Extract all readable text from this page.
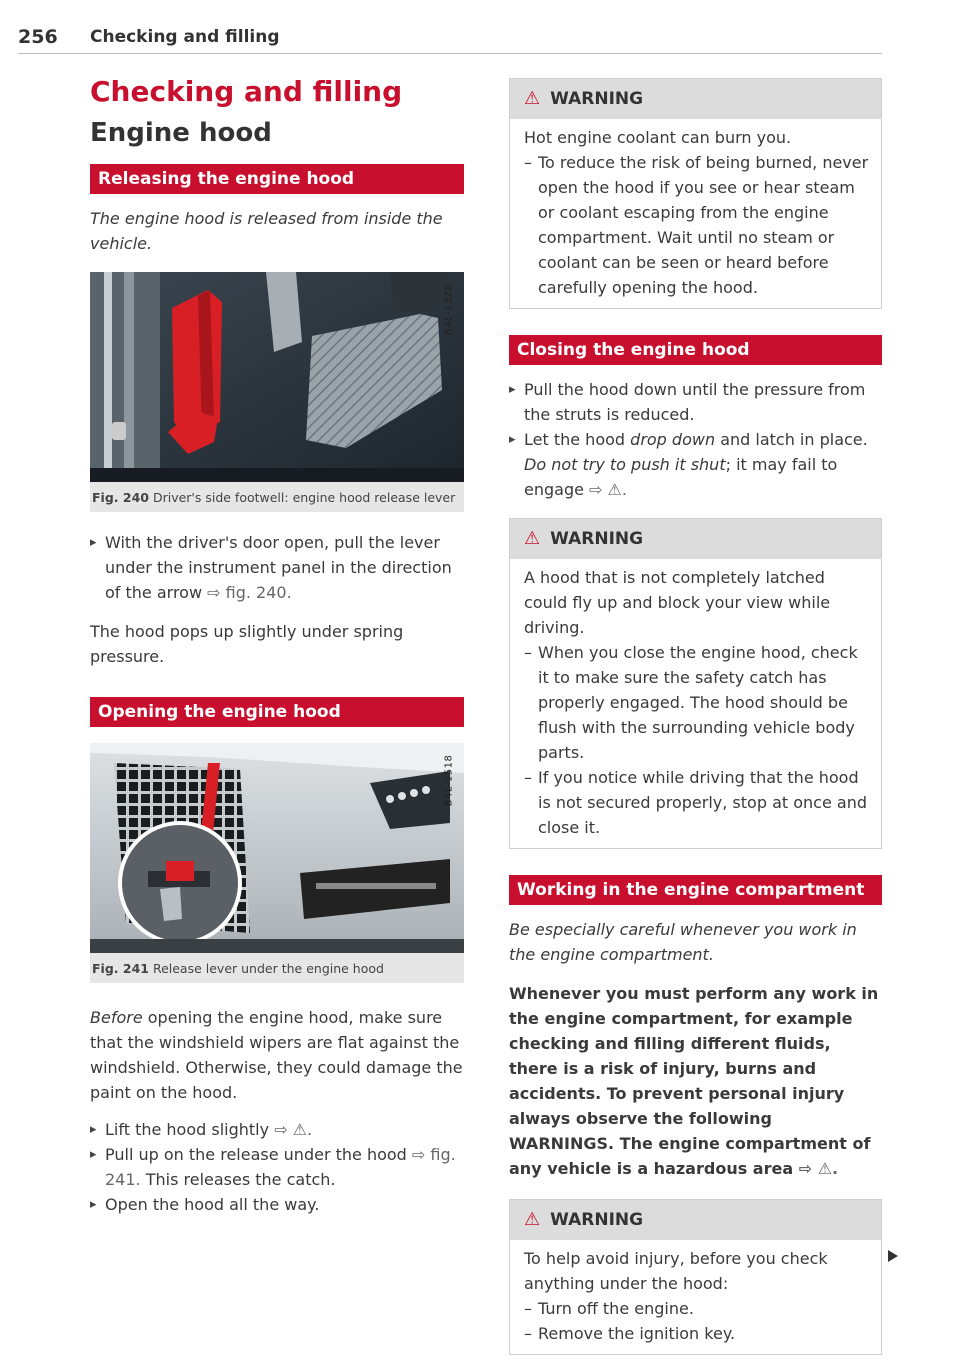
256 Checking and filling
Checking and filling
Engine hood
Releasing the engine hood

The engine hood is released from inside the vehicle.

B4L-1320
Fig. 240 Driver's side footwell: engine hood release lever

▸ With the driver's door open, pull the lever under the instrument panel in the direction of the arrow ⇨ fig. 240.

The hood pops up slightly under spring pressure.

Opening the engine hood
B4L-1518
Fig. 241 Release lever under the engine hood

Before opening the engine hood, make sure that the windshield wipers are flat against the windshield. Otherwise, they could damage the paint on the hood.

▸ Lift the hood slightly ⇨ ⚠.

▸ Pull up on the release under the hood ⇨ fig. 241. This releases the catch.

▸ Open the hood all the way.

⚠ WARNING

Hot engine coolant can burn you.

– To reduce the risk of being burned, never open the hood if you see or hear steam or coolant escaping from the engine compartment. Wait until no steam or coolant can be seen or heard before carefully opening the hood.

Closing the engine hood

▸ Pull the hood down until the pressure from the struts is reduced.

▸ Let the hood drop down and latch in place. Do not try to push it shut; it may fail to engage ⇨ ⚠.

⚠ WARNING

A hood that is not completely latched could fly up and block your view while driving.

– When you close the engine hood, check it to make sure the safety catch has properly engaged. The hood should be flush with the surrounding vehicle body parts.

– If you notice while driving that the hood is not secured properly, stop at once and close it.

Working in the engine compartment

Be especially careful whenever you work in the engine compartment.

Whenever you must perform any work in the engine compartment, for example checking and filling different fluids, there is a risk of injury, burns and accidents. To prevent personal injury always observe the following WARNINGS. The engine compartment of any vehicle is a hazardous area ⇨ ⚠.

⚠ WARNING

To help avoid injury, before you check anything under the hood:

– Turn off the engine.

– Remove the ignition key.
